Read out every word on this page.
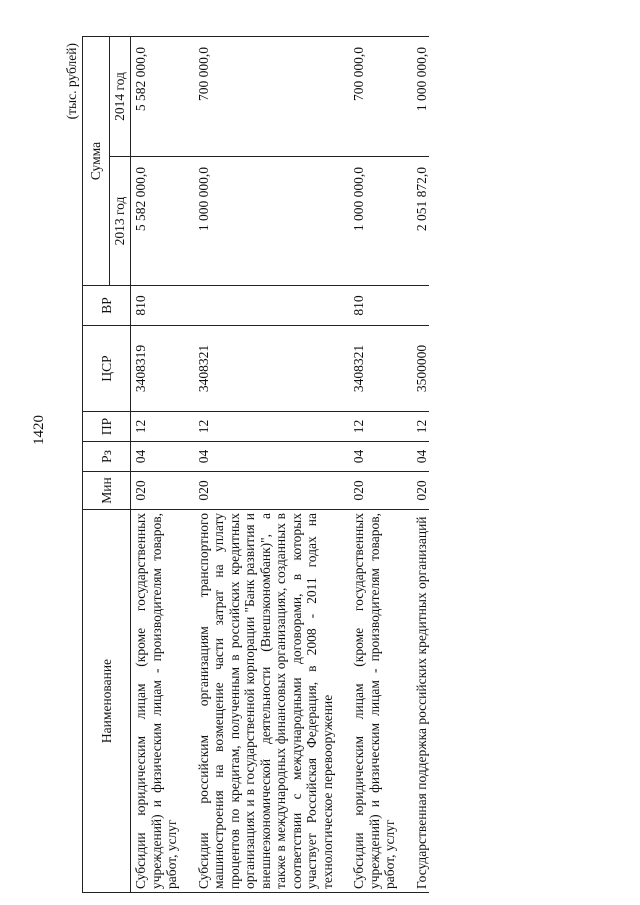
1420
(тыс. рублей)
Наименование	Мин	Рз	ПР	ЦСР	ВР	Сумма	
						2013 год	2014 год
Субсидии юридическим лицам (кроме государственных учреждений) и физическим лицам - производителям товаров, работ, услуг	020	04	12	3408319	810	5 582 000,0	5 582 000,0

Субсидии российским организациям транспортного машиностроения на возмещение части затрат на уплату процентов по кредитам, полученным в российских кредитных организациях и в государственной корпорации "Банк развития и внешнеэкономической деятельности (Внешэкономбанк)", а также в международных финансовых организациях, созданных в соответствии с международными договорами, в которых участвует Российская Федерация, в 2008 - 2011 годах на технологическое перевооружение	020	04	12	3408321		1 000 000,0	700 000,0

Субсидии юридическим лицам (кроме государственных учреждений) и физическим лицам - производителям товаров, работ, услуг	020	04	12	3408321	810	1 000 000,0	700 000,0

Государственная поддержка российских кредитных организаций	020	04	12	3500000		2 051 872,0	1 000 000,0
